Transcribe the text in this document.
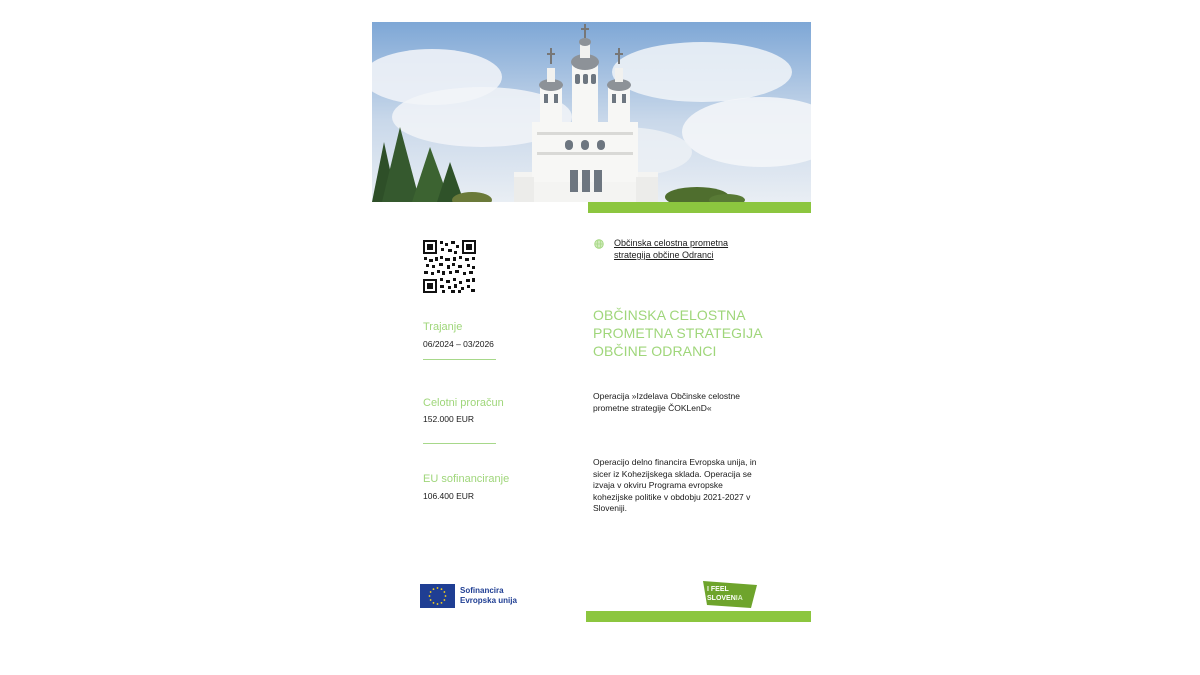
Občinska celostna prometna strategija občine Odranci
Trajanje
06/2024 – 03/2026
Celotni proračun
152.000 EUR
EU sofinanciranje
106.400 EUR
OBČINSKA CELOSTNA PROMETNA STRATEGIJA OBČINE ODRANCI
Operacija »Izdelava Občinske celostne prometne strategije ČOKLenD«
Operacijo delno financira Evropska unija, in sicer iz Kohezijskega sklada. Operacija se izvaja v okviru Programa evropske kohezijske politike v obdobju 2021-2027 v Sloveniji.
Sofinancira
Evropska unija
I FEEL
SLOVENIA
